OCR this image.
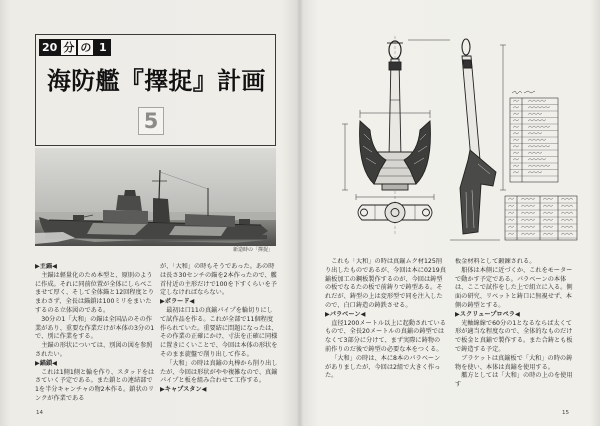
20 分 の 1
海防艦『擇捉』計画
5
新造時の「擇捉」
▶主錨◀

主錨は軽量化のため本型と、原則のように作成。それに同前位置が全体にしらべこませて厚く、そして全体錨と12回程度とりまわさず、全長は錨鎖は100ミリをまいたするのる立体図のである。

30分の1「大和」の錨は全国品のその作業があり、重要な作業だけが本体の3分の1で、別に作業をする。

主錨の形状については、別図の図を参照されたい。

▶錨鎖◀

これは1側1側と輪を作り、スタッドをはさていく予定である。また鎖との連結部で1を半分キャンチャの物2本作る。鎖状のリンクが作業である

が、「大和」の時もそうであった。あの時は長さ30センチの錨を2本作ったので、艦首付近の主形だけで100を下すくらいを予定しなければならない。

▶ボラード◀

最初は口11の真鍮パイプを輪切りにして試作品を作る。これが全部で11個程度作られていた。重要結に問題になったは、その作業の正確にかけ、寸法を正確に同様に置きにくいことで、今回は本体の形状をそのまま旋盤で削り出して作る。

「大和」の時は真鍮の丸棒から削り出したが、今回は形状がやや複雑なので、真鍮パイプと板を組み合わせて工作する。

▶キャプスタン◀
14

これも「大和」の時は真鍮ムク材125削り出したものであるが、今回は本に0219真鍮板加工の鋼板製作するのが、今回は鋳型の板でなるたの板で前鋳りで鋳型ある。それだが、鋳型の上は変形型で同を注入したので、白口鋳造の鋳鉄させる。

▶パラベーン◀

直径1200メートル以上に起動されているもので、全長20メートルの真鍮の鋳型ではなくて3部分に分けて、まず実際に鋳物の前作りのだ後で鋳型の必要な本をつくる。

「大和」の時は、本に8本のパラベーンがありましたが、今回は2組で大きく作った。

板金材料として鍛錬される。

船体は本側に近づくか、これをモーターで動かす予定である。パラベーンの本体は、ここで試作をした上で組立に入る。側面の研究、リベットと鋳口に無視せず、本側の鋳型とする。

▶スクリュープロペラ◀

光軸線線で60分の1となるならば太くて形が適当な程度なので、全体的なものだけで板金と真鍮で製作する。また合鋳とも板で鋳造する予定。

ブラケットは真鍮板で「大和」の時の鋳物を使い、本体は真鍮を使用する。

艦方としては「大和」の時の上のを使用す

15
